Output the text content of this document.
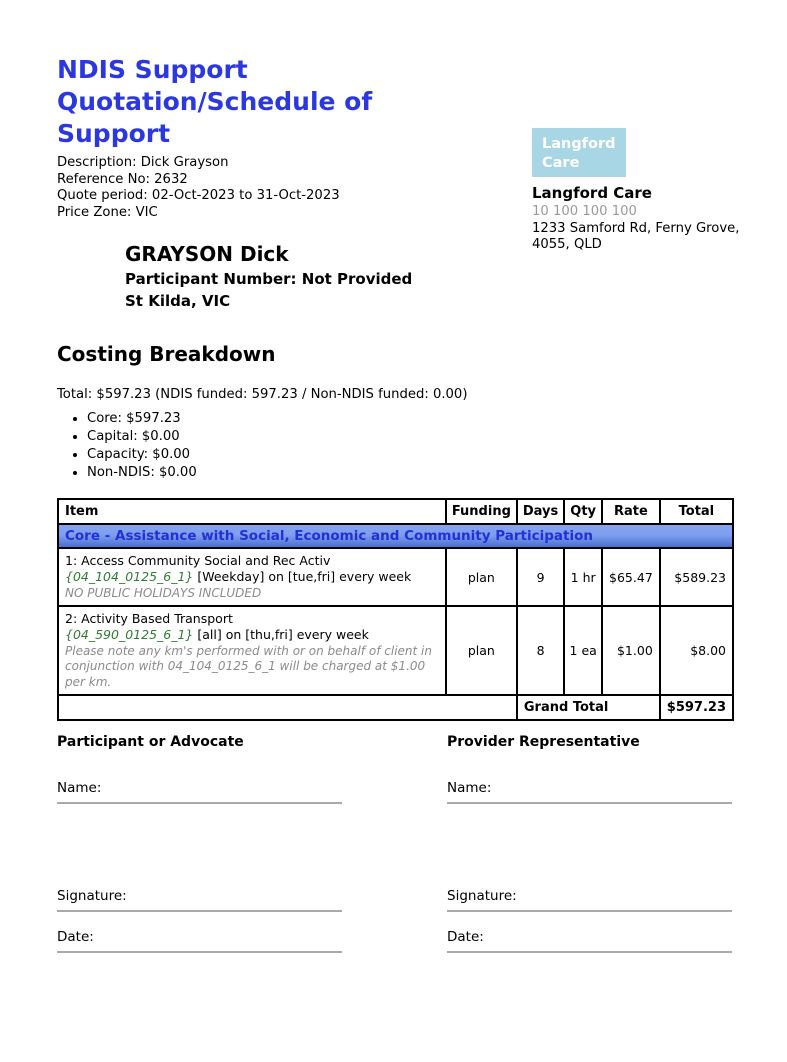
NDIS Support Quotation/Schedule of Support
Description: Dick Grayson
Reference No: 2632
Quote period: 02-Oct-2023 to 31-Oct-2023
Price Zone: VIC
Langford
Care
Langford Care
10 100 100 100
1233 Samford Rd, Ferny Grove,
4055, QLD
GRAYSON Dick
Participant Number: Not Provided
St Kilda, VIC
Costing Breakdown
Total: $597.23 (NDIS funded: 597.23 / Non-NDIS funded: 0.00)
• Core: $597.23
• Capital: $0.00
• Capacity: $0.00
• Non-NDIS: $0.00
Item	Funding	Days	Qty	Rate	Total
Core - Assistance with Social, Economic and Community Participation					

1: Access Community Social and Rec Activ
{04_104_0125_6_1} [Weekday] on [tue,fri] every week
NO PUBLIC HOLIDAYS INCLUDED	plan	9	1 hr	$65.47	$589.23

2: Activity Based Transport
{04_590_0125_6_1} [all] on [thu,fri] every week
Please note any km's performed with or on behalf of client in conjunction with 04_104_0125_6_1 will be charged at $1.00 per km.	plan	8	1 ea	$1.00	$8.00
		Grand Total			$597.23
Participant or Advocate
Name:
Signature:
Date:
Provider Representative
Name:
Signature:
Date:
